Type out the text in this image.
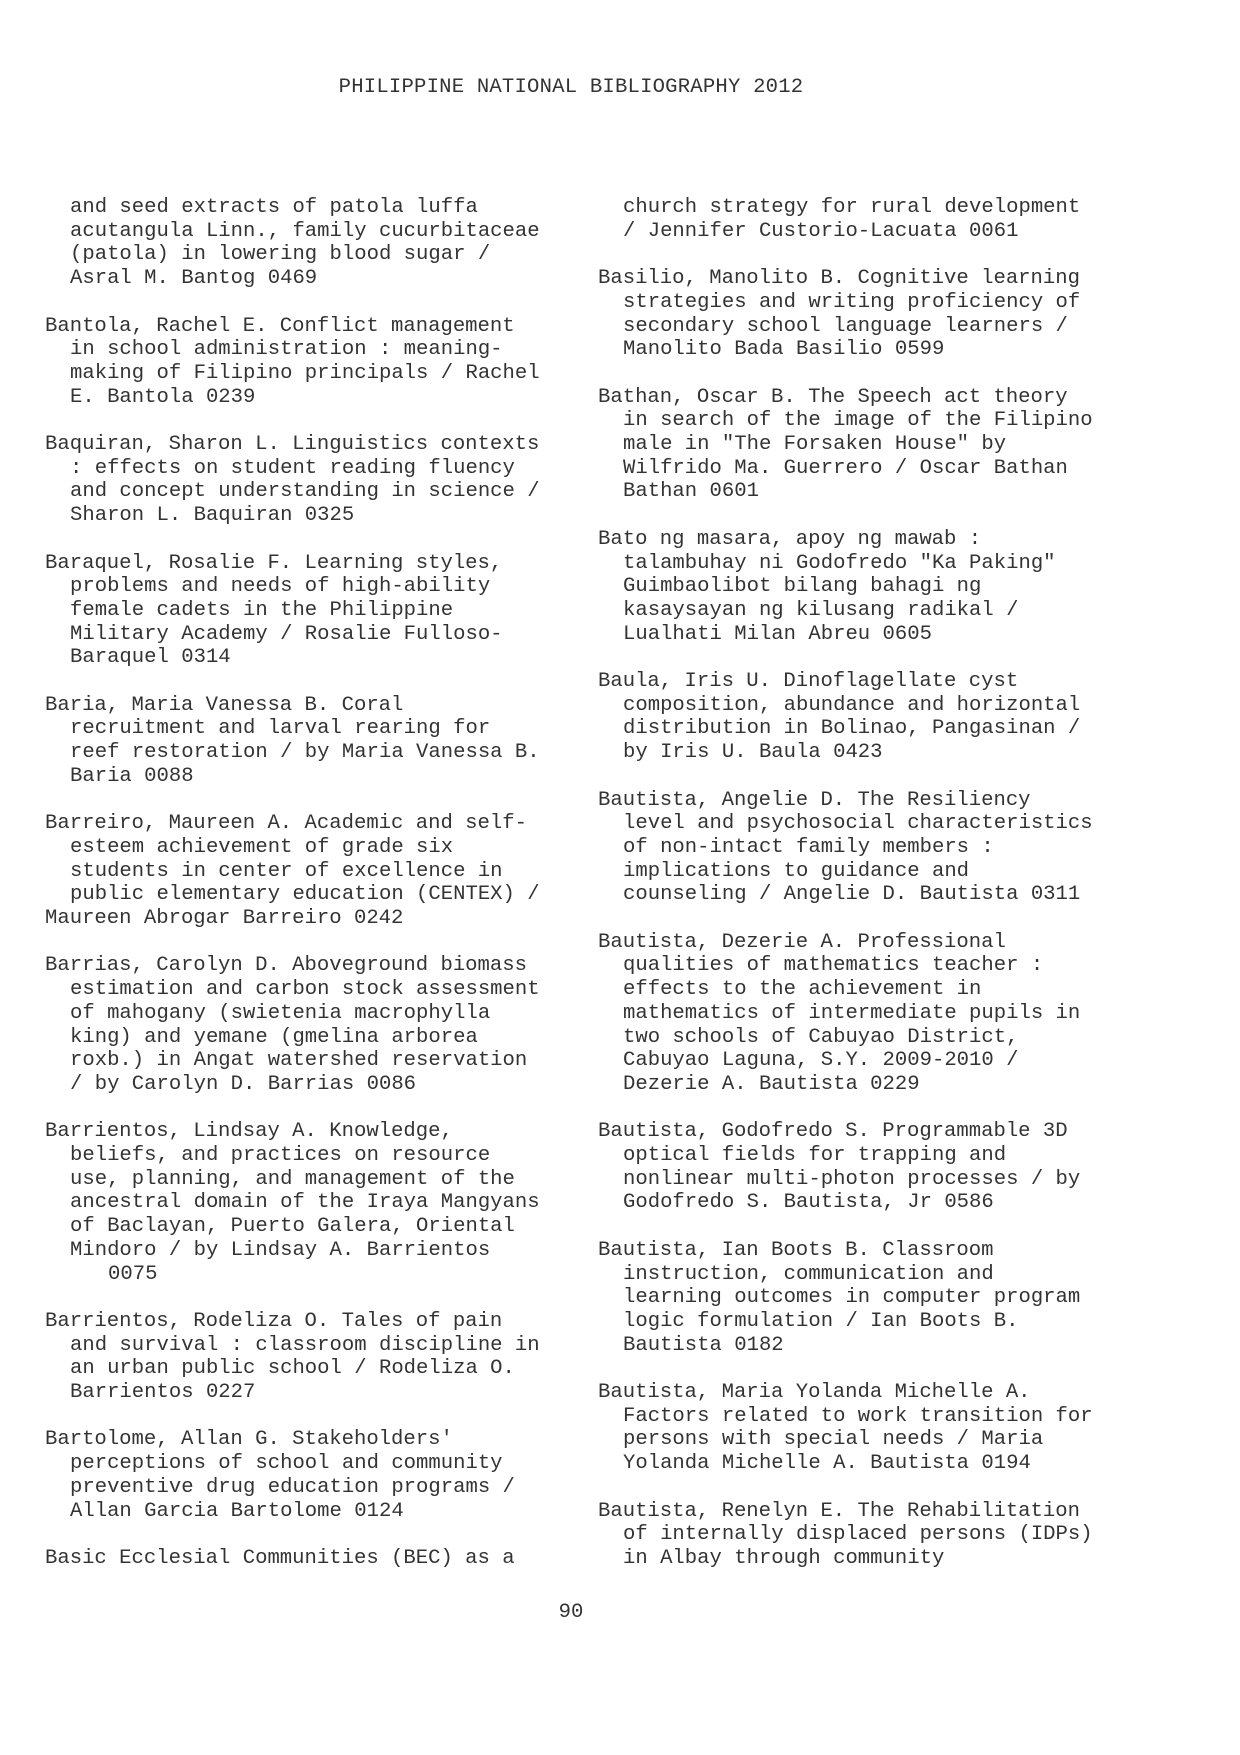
PHILIPPINE NATIONAL BIBLIOGRAPHY 2012
and seed extracts of patola luffa
acutangula Linn., family cucurbitaceae
(patola) in lowering blood sugar /
Asral M. Bantog 0469
Bantola, Rachel E. Conflict management
in school administration : meaning-
making of Filipino principals / Rachel
E. Bantola 0239
Baquiran, Sharon L. Linguistics contexts
: effects on student reading fluency
and concept understanding in science /
Sharon L. Baquiran 0325
Baraquel, Rosalie F. Learning styles,
problems and needs of high-ability
female cadets in the Philippine
Military Academy / Rosalie Fulloso-
Baraquel 0314
Baria, Maria Vanessa B. Coral
recruitment and larval rearing for
reef restoration / by Maria Vanessa B.
Baria 0088
Barreiro, Maureen A. Academic and self-
esteem achievement of grade six
students in center of excellence in
public elementary education (CENTEX) /
Maureen Abrogar Barreiro 0242
Barrias, Carolyn D. Aboveground biomass
estimation and carbon stock assessment
of mahogany (swietenia macrophylla
king) and yemane (gmelina arborea
roxb.) in Angat watershed reservation
/ by Carolyn D. Barrias 0086
Barrientos, Lindsay A. Knowledge,
beliefs, and practices on resource
use, planning, and management of the
ancestral domain of the Iraya Mangyans
of Baclayan, Puerto Galera, Oriental
Mindoro / by Lindsay A. Barrientos
0075
Barrientos, Rodeliza O. Tales of pain
and survival : classroom discipline in
an urban public school / Rodeliza O.
Barrientos 0227
Bartolome, Allan G. Stakeholders'
perceptions of school and community
preventive drug education programs /
Allan Garcia Bartolome 0124
Basic Ecclesial Communities (BEC) as a
church strategy for rural development
/ Jennifer Custorio-Lacuata 0061
Basilio, Manolito B. Cognitive learning
strategies and writing proficiency of
secondary school language learners /
Manolito Bada Basilio 0599
Bathan, Oscar B. The Speech act theory
in search of the image of the Filipino
male in "The Forsaken House" by
Wilfrido Ma. Guerrero / Oscar Bathan
Bathan 0601
Bato ng masara, apoy ng mawab :
talambuhay ni Godofredo "Ka Paking"
Guimbaolibot bilang bahagi ng
kasaysayan ng kilusang radikal /
Lualhati Milan Abreu 0605
Baula, Iris U. Dinoflagellate cyst
composition, abundance and horizontal
distribution in Bolinao, Pangasinan /
by Iris U. Baula 0423
Bautista, Angelie D. The Resiliency
level and psychosocial characteristics
of non-intact family members :
implications to guidance and
counseling / Angelie D. Bautista 0311
Bautista, Dezerie A. Professional
qualities of mathematics teacher :
effects to the achievement in
mathematics of intermediate pupils in
two schools of Cabuyao District,
Cabuyao Laguna, S.Y. 2009-2010 /
Dezerie A. Bautista 0229
Bautista, Godofredo S. Programmable 3D
optical fields for trapping and
nonlinear multi-photon processes / by
Godofredo S. Bautista, Jr 0586
Bautista, Ian Boots B. Classroom
instruction, communication and
learning outcomes in computer program
logic formulation / Ian Boots B.
Bautista 0182
Bautista, Maria Yolanda Michelle A.
Factors related to work transition for
persons with special needs / Maria
Yolanda Michelle A. Bautista 0194
Bautista, Renelyn E. The Rehabilitation
of internally displaced persons (IDPs)
in Albay through community
90
